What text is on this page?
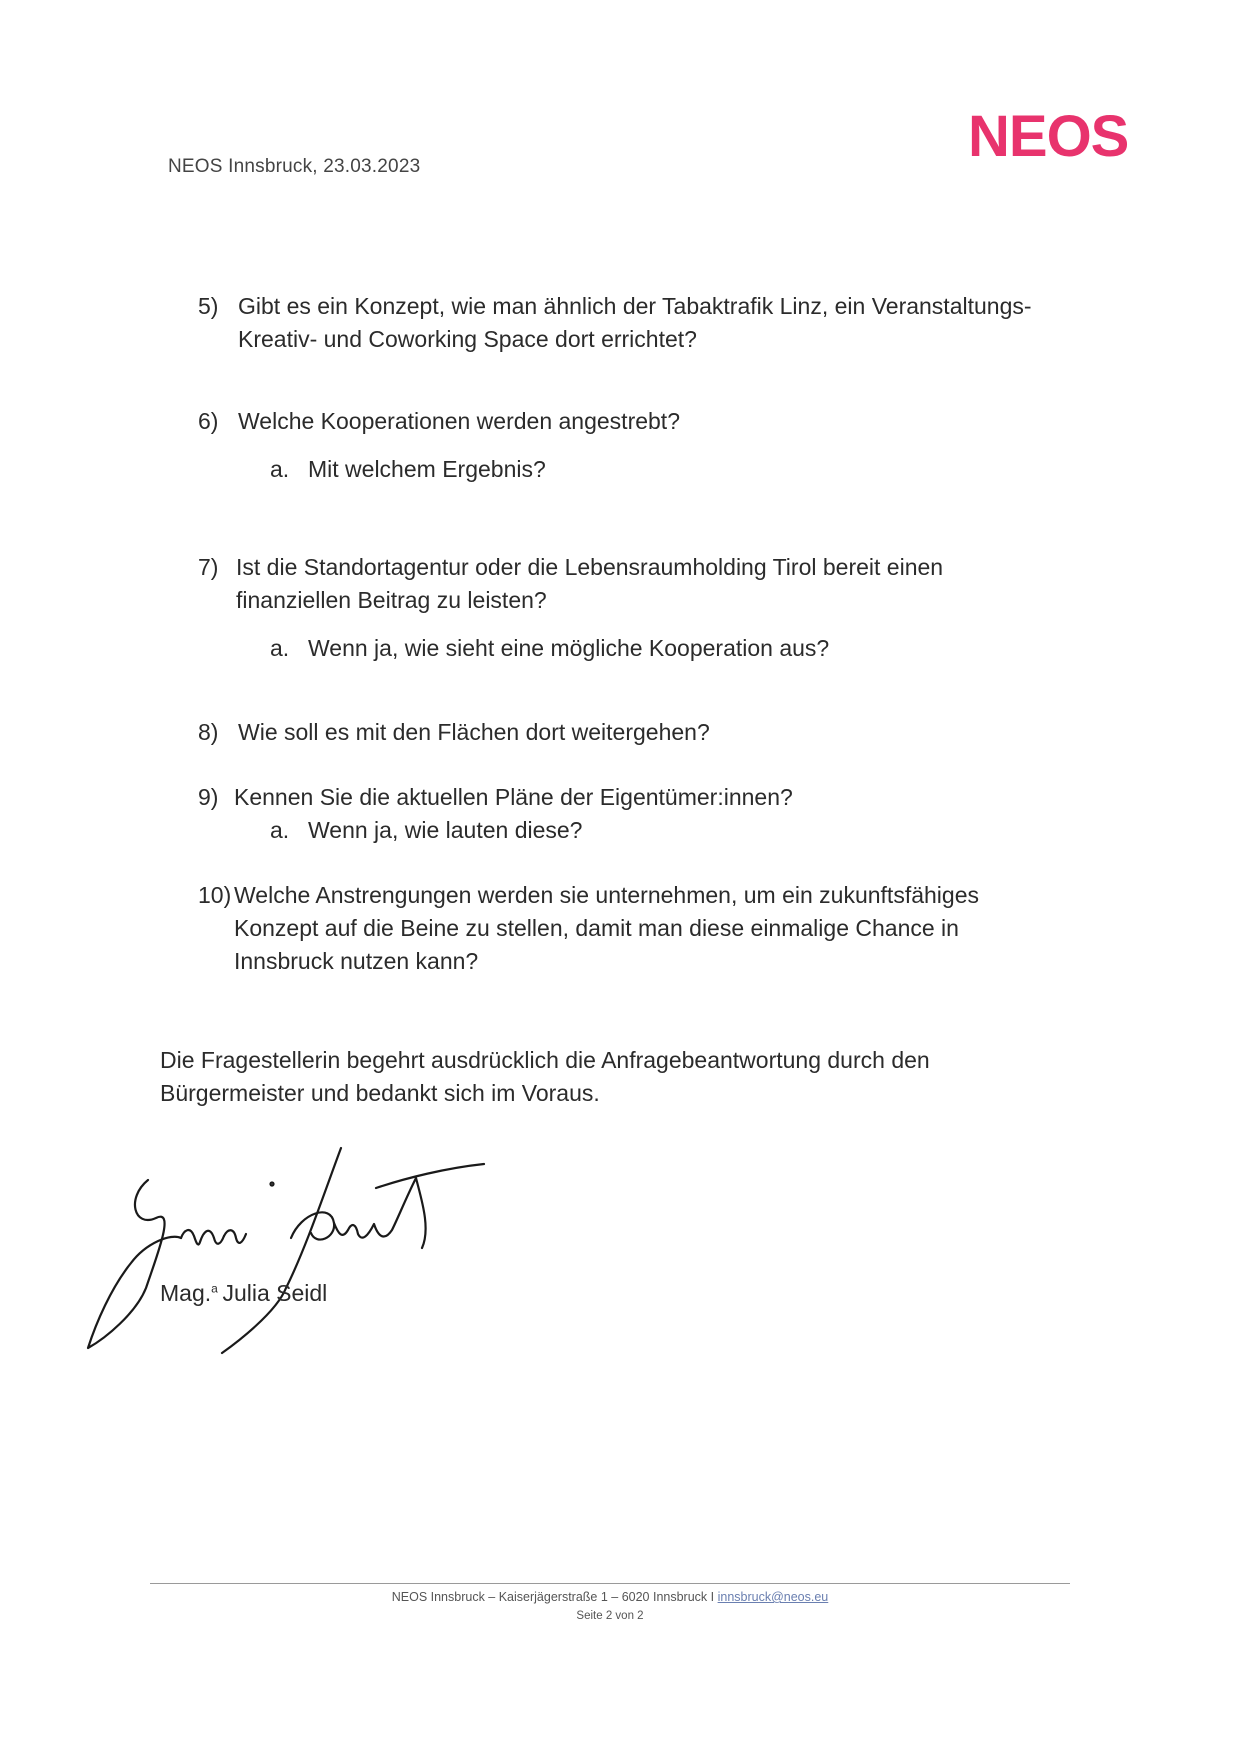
NEOS Innsbruck, 23.03.2023	NEOS
5) Gibt es ein Konzept, wie man ähnlich der Tabaktrafik Linz, ein Veranstaltungs-Kreativ- und Coworking Space dort errichtet?
6) Welche Kooperationen werden angestrebt?
a. Mit welchem Ergebnis?
7) Ist die Standortagentur oder die Lebensraumholding Tirol bereit einen finanziellen Beitrag zu leisten?
a. Wenn ja, wie sieht eine mögliche Kooperation aus?
8) Wie soll es mit den Flächen dort weitergehen?
9) Kennen Sie die aktuellen Pläne der Eigentümer:innen?
a. Wenn ja, wie lauten diese?
10) Welche Anstrengungen werden sie unternehmen, um ein zukunftsfähiges Konzept auf die Beine zu stellen, damit man diese einmalige Chance in Innsbruck nutzen kann?
Die Fragestellerin begehrt ausdrücklich die Anfragebeantwortung durch den Bürgermeister und bedankt sich im Voraus.
Mag.$^a$  Julia Seidl
NEOS Innsbruck – Kaiserjägerstraße 1 – 6020 Innsbruck I innsbruck@neos.eu
Seite 2 von 2
